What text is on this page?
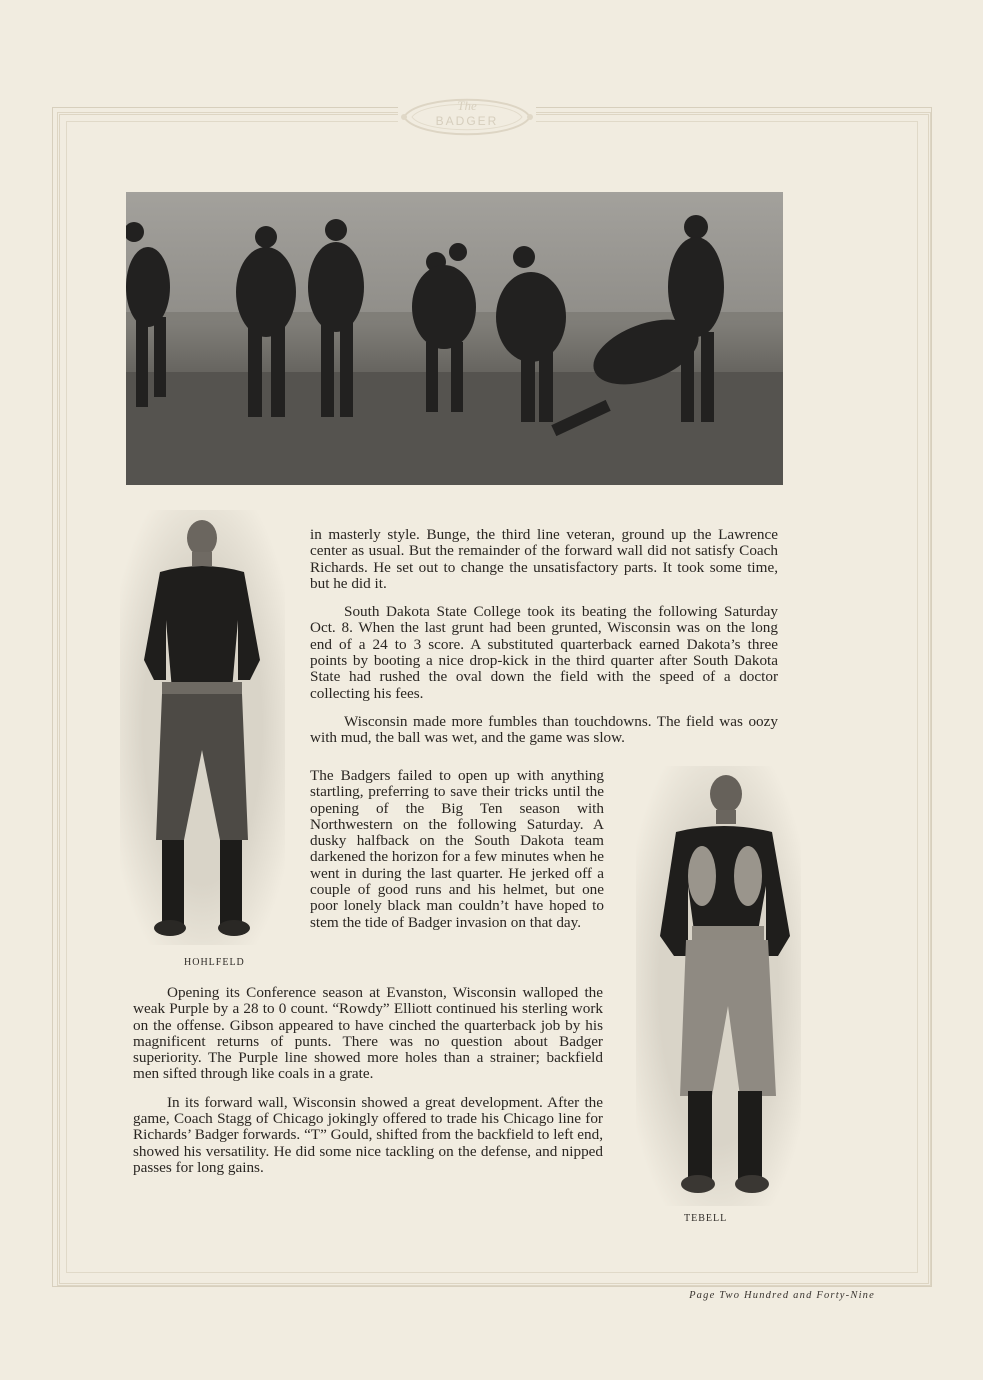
The
BADGER
HOHLFELD
TEBELL

in masterly style. Bunge, the third line veteran, ground up the Lawrence center as usual. But the remainder of the forward wall did not satisfy Coach Richards. He set out to change the unsatisfactory parts. It took some time, but he did it.

South Dakota State College took its beating the following Saturday Oct. 8. When the last grunt had been grunted, Wisconsin was on the long end of a 24 to 3 score. A substituted quarterback earned Dakota’s three points by booting a nice drop-kick in the third quarter after South Dakota State had rushed the oval down the field with the speed of a doctor collecting his fees.

Wisconsin made more fumbles than touchdowns. The field was oozy with mud, the ball was wet, and the game was slow.

The Badgers failed to open up with anything startling, preferring to save their tricks until the opening of the Big Ten season with Northwestern on the following Saturday. A dusky halfback on the South Dakota team darkened the horizon for a few minutes when he went in during the last quarter. He jerked off a couple of good runs and his helmet, but one poor lonely black man couldn’t have hoped to stem the tide of Badger invasion on that day.

Opening its Conference season at Evanston, Wisconsin walloped the weak Purple by a 28 to 0 count. “Rowdy” Elliott continued his sterling work on the offense. Gibson appeared to have cinched the quarterback job by his magnificent returns of punts. There was no question about Badger superiority. The Purple line showed more holes than a strainer; backfield men sifted through like coals in a grate.

In its forward wall, Wisconsin showed a great development. After the game, Coach Stagg of Chicago jokingly offered to trade his Chicago line for Richards’ Badger forwards. “T” Gould, shifted from the backfield to left end, showed his versatility. He did some nice tackling on the defense, and nipped passes for long gains.

Page Two Hundred and Forty-Nine
